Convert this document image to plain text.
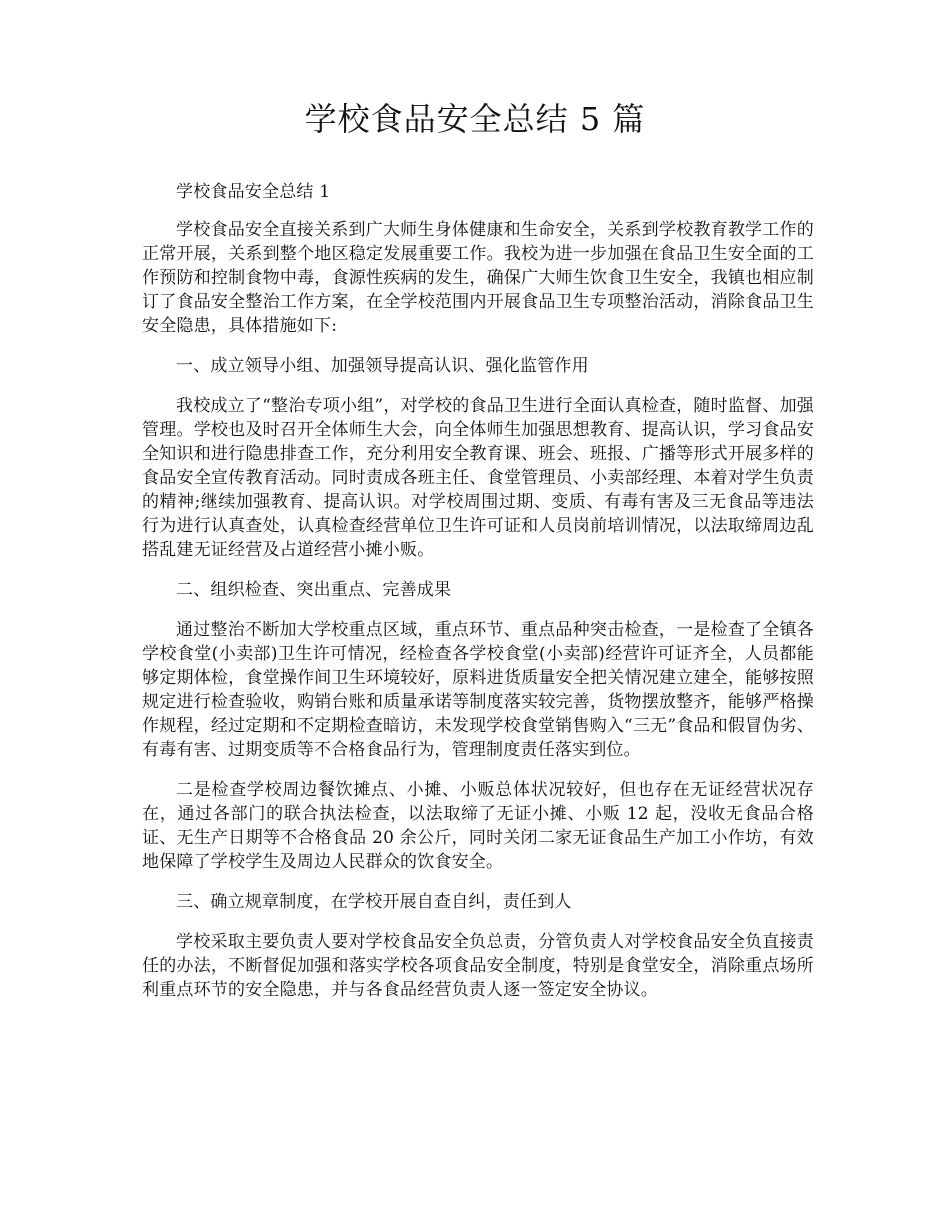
学校食品安全总结 5 篇

学校食品安全总结 1

学校食品安全直接关系到广大师生身体健康和生命安全，关系到学校教育教学工作的正常开展，关系到整个地区稳定发展重要工作。我校为进一步加强在食品卫生安全面的工作预防和控制食物中毒，食源性疾病的发生，确保广大师生饮食卫生安全，我镇也相应制订了食品安全整治工作方案，在全学校范围内开展食品卫生专项整治活动，消除食品卫生安全隐患，具体措施如下:

一、成立领导小组、加强领导提高认识、强化监管作用

我校成立了“整治专项小组”，对学校的食品卫生进行全面认真检查，随时监督、加强管理。学校也及时召开全体师生大会，向全体师生加强思想教育、提高认识，学习食品安全知识和进行隐患排查工作，充分利用安全教育课、班会、班报、广播等形式开展多样的食品安全宣传教育活动。同时责成各班主任、食堂管理员、小卖部经理、本着对学生负责的精神;继续加强教育、提高认识。对学校周围过期、变质、有毒有害及三无食品等违法行为进行认真查处，认真检查经营单位卫生许可证和人员岗前培训情况，以法取缔周边乱搭乱建无证经营及占道经营小摊小贩。

二、组织检查、突出重点、完善成果

通过整治不断加大学校重点区域，重点环节、重点品种突击检查，一是检查了全镇各学校食堂(小卖部)卫生许可情况，经检查各学校食堂(小卖部)经营许可证齐全，人员都能够定期体检，食堂操作间卫生环境较好，原料进货质量安全把关情况建立建全，能够按照规定进行检查验收，购销台账和质量承诺等制度落实较完善，货物摆放整齐，能够严格操作规程，经过定期和不定期检查暗访，未发现学校食堂销售购入“三无”食品和假冒伪劣、有毒有害、过期变质等不合格食品行为，管理制度责任落实到位。

二是检查学校周边餐饮摊点、小摊、小贩总体状况较好，但也存在无证经营状况存在，通过各部门的联合执法检查，以法取缔了无证小摊、小贩 12 起，没收无食品合格证、无生产日期等不合格食品 20 余公斤，同时关闭二家无证食品生产加工小作坊，有效地保障了学校学生及周边人民群众的饮食安全。

三、确立规章制度，在学校开展自查自纠，责任到人

学校采取主要负责人要对学校食品安全负总责，分管负责人对学校食品安全负直接责任的办法，不断督促加强和落实学校各项食品安全制度，特别是食堂安全，消除重点场所利重点环节的安全隐患，并与各食品经营负责人逐一签定安全协议。
